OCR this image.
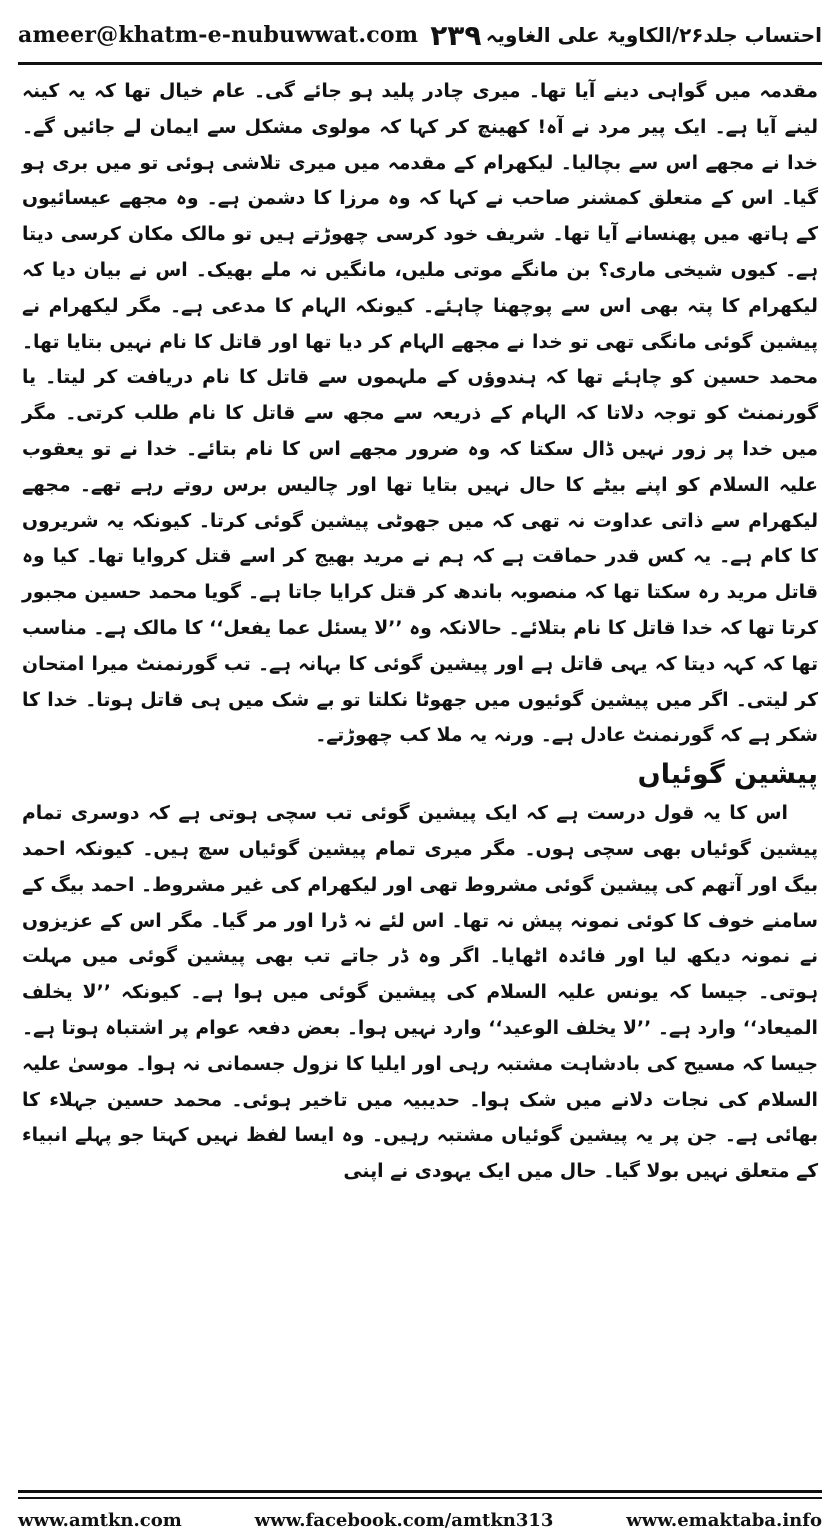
ameer@khatm-e-nubuwwat.com ۲۳۹ احتساب جلد۲۶/الکاویۃ علی الغاویہ

مقدمہ میں گواہی دینے آیا تھا۔ میری چادر پلید ہو جائے گی۔ عام خیال تھا کہ یہ کینہ لینے آیا ہے۔ ایک پیر مرد نے آہ! کھینچ کر کہا کہ مولوی مشکل سے ایمان لے جائیں گے۔ خدا نے مجھے اس سے بچالیا۔ لیکھرام کے مقدمہ میں میری تلاشی ہوئی تو میں بری ہو گیا۔ اس کے متعلق کمشنر صاحب نے کہا کہ وہ مرزا کا دشمن ہے۔ وہ مجھے عیسائیوں کے ہاتھ میں پھنسانے آیا تھا۔ شریف خود کرسی چھوڑتے ہیں تو مالک مکان کرسی دیتا ہے۔ کیوں شیخی ماری؟ بن مانگے موتی ملیں، مانگیں نہ ملے بھیک۔ اس نے بیان دیا کہ لیکھرام کا پتہ بھی اس سے پوچھنا چاہئے۔ کیونکہ الہام کا مدعی ہے۔ مگر لیکھرام نے پیشین گوئی مانگی تھی تو خدا نے مجھے الہام کر دیا تھا اور قاتل کا نام نہیں بتایا تھا۔ محمد حسین کو چاہئے تھا کہ ہندوؤں کے ملہموں سے قاتل کا نام دریافت کر لیتا۔ یا گورنمنٹ کو توجہ دلاتا کہ الہام کے ذریعہ سے مجھ سے قاتل کا نام طلب کرتی۔ مگر میں خدا پر زور نہیں ڈال سکتا کہ وہ ضرور مجھے اس کا نام بتائے۔ خدا نے تو یعقوب علیہ السلام کو اپنے بیٹے کا حال نہیں بتایا تھا اور چالیس برس روتے رہے تھے۔ مجھے لیکھرام سے ذاتی عداوت نہ تھی کہ میں جھوٹی پیشین گوئی کرتا۔ کیونکہ یہ شریروں کا کام ہے۔ یہ کس قدر حماقت ہے کہ ہم نے مرید بھیج کر اسے قتل کروایا تھا۔ کیا وہ قاتل مرید رہ سکتا تھا کہ منصوبہ باندھ کر قتل کرایا جاتا ہے۔ گویا محمد حسین مجبور کرتا تھا کہ خدا قاتل کا نام بتلائے۔ حالانکہ وہ ’’لا یسئل عما یفعل‘‘ کا مالک ہے۔ مناسب تھا کہ کہہ دیتا کہ یہی قاتل ہے اور پیشین گوئی کا بہانہ ہے۔ تب گورنمنٹ میرا امتحان کر لیتی۔ اگر میں پیشین گوئیوں میں جھوٹا نکلتا تو بے شک میں ہی قاتل ہوتا۔ خدا کا شکر ہے کہ گورنمنٹ عادل ہے۔ ورنہ یہ ملا کب چھوڑتے۔

پیشین گوئیاں

اس کا یہ قول درست ہے کہ ایک پیشین گوئی تب سچی ہوتی ہے کہ دوسری تمام پیشین گوئیاں بھی سچی ہوں۔ مگر میری تمام پیشین گوئیاں سچ ہیں۔ کیونکہ احمد بیگ اور آتھم کی پیشین گوئی مشروط تھی اور لیکھرام کی غیر مشروط۔ احمد بیگ کے سامنے خوف کا کوئی نمونہ پیش نہ تھا۔ اس لئے نہ ڈرا اور مر گیا۔ مگر اس کے عزیزوں نے نمونہ دیکھ لیا اور فائدہ اٹھایا۔ اگر وہ ڈر جاتے تب بھی پیشین گوئی میں مہلت ہوتی۔ جیسا کہ یونس علیہ السلام کی پیشین گوئی میں ہوا ہے۔ کیونکہ ’’لا یخلف المیعاد‘‘ وارد ہے۔ ’’لا یخلف الوعید‘‘ وارد نہیں ہوا۔ بعض دفعہ عوام پر اشتباہ ہوتا ہے۔ جیسا کہ مسیح کی بادشاہت مشتبہ رہی اور ایلیا کا نزول جسمانی نہ ہوا۔ موسیٰ علیہ السلام کی نجات دلانے میں شک ہوا۔ حدیبیہ میں تاخیر ہوئی۔ محمد حسین جہلاء کا بھائی ہے۔ جن پر یہ پیشین گوئیاں مشتبہ رہیں۔ وہ ایسا لفظ نہیں کہتا جو پہلے انبیاء کے متعلق نہیں بولا گیا۔ حال میں ایک یہودی نے اپنی

www.amtkn.com	www.facebook.com/amtkn313	www.emaktaba.info
